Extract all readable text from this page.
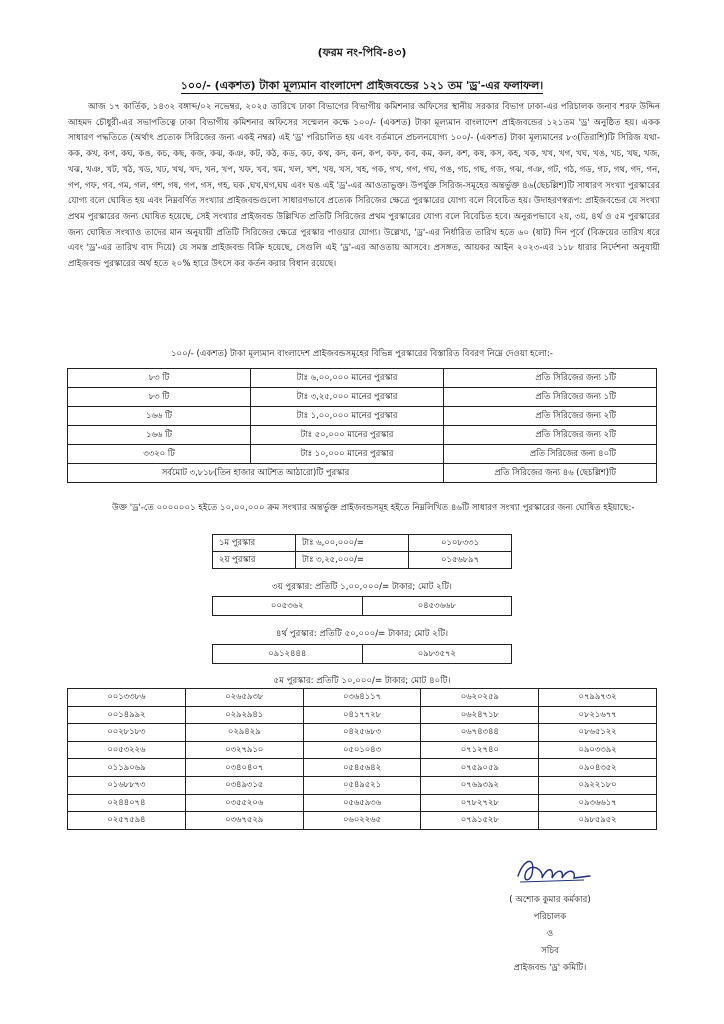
(ফরম নং-পিবি-৪৩)
১০০/- (একশত) টাকা মূল্যমান বাংলাদেশ প্রাইজবন্ডের ১২১ তম 'ড্র'-এর ফলাফল।

আজ ১৭ কার্তিক, ১৪৩২ বঙ্গাব্দ/০২ নভেম্বর, ২০২৫ তারিখে ঢাকা বিভাগের বিভাগীয় কমিশনার অফিসের স্থানীয় সরকার বিভাগ ঢাকা-এর পরিচালক জনাব শরফ উদ্দিন আহমদ চৌধুরী-এর সভাপতিত্বে ঢাকা বিভাগীয় কমিশনার অফিসের সম্মেলন কক্ষে ১০০/- (একশত) টাকা মূল্যমান বাংলাদেশ প্রাইজবন্ডের ১২১তম 'ড্র' অনুষ্ঠিত হয়। একক সাধারণ পদ্ধতিতে (অর্থাৎ প্রত্যেক সিরিজের জন্য একই নম্বর) এই 'ড্র' পরিচালিত হয় এবং বর্তমানে প্রচলনযোগ্য ১০০/- (একশত) টাকা মূল্যমানের ৮৩(তিরাশি)টি সিরিজ যথা- কক, কখ, কগ, কঘ, কঙ, কচ, কছ, কজ, কঝ, কঞ, কট, কঠ, কড, কঢ, কথ, কদ, কন, কপ, কফ, কব, কম, কল, কশ, কষ, কস, কহ, খক, খখ, খগ, খঘ, খঙ, খচ, খছ, খজ, খঝ, খঞ, খট, খঠ, খড, খঢ, খথ, খদ, খন, খপ, খফ, খব, খম, খল, খশ, খষ, খস, খহ, গক, গখ, গগ, গঘ, গঙ, গচ, গছ, গজ, গঝ, গঞ, গট, গঠ, গড, গঢ, গথ, গদ, গন, গপ, গফ, গব, গম, গল, গশ, গষ, গপ, গস, গহ, ঘক ,ঘখ,ঘগ,ঘঘ এবং ঘঙ এই 'ড্র'-এর আওতাভুক্ত। উপর্যুক্ত সিরিজ-সমূহের অন্তর্ভুক্ত ৪৬(ছেচল্লিশ)টি সাধারণ সংখ্যা পুরস্কারের যোগ্য বলে ঘোষিত হয় এবং নিম্নবর্ণিত সংখ্যার প্রাইজবন্ডগুলো সাধারণভাবে প্রত্যেক সিরিজের ক্ষেত্রে পুরস্কারের যোগ্য বলে বিবেচিত হয়। উদাহরণস্বরূপ: প্রাইজবন্ডের যে সংখ্যা প্রথম পুরস্কারের জন্য ঘোষিত হয়েছে, সেই সংখ্যার প্রাইজবন্ড উল্লিখিত প্রতিটি সিরিজের প্রথম পুরস্কারের যোগ্য বলে বিবেচিত হবে। অনুরূপভাবে ২য়, ৩য়, ৪র্থ ও ৫ম পুরস্কারের জন্য ঘোষিত সংখ্যাও তাদের মান অনুযায়ী প্রতিটি সিরিজের ক্ষেত্রে পুরস্কার পাওয়ার যোগ্য। উল্লেখ্য, 'ড্র'-এর নির্ধারিত তারিখ হতে ৬০ (ষাট) দিন পূর্বে (বিক্রয়ের তারিখ ধরে এবং 'ড্র'-এর তারিখ বাদ দিয়ে) যে সমস্ত প্রাইজবন্ড বিক্রি হয়েছে, সেগুলি এই 'ড্র'-এর আওতায় আসবে। প্রসঙ্গত, আয়কর আইন ২০২৩-এর ১১৮ ধারার নির্দেশনা অনুযায়ী প্রাইজবন্ড পুরস্কারের অর্থ হতে ২০% হারে উৎসে কর কর্তন করার বিধান রয়েছে।

১০০/- (একশত) টাকা মূল্যমান বাংলাদেশ প্রাইজবন্ডসমূহের বিভিন্ন পুরস্কারের বিস্তারিত বিবরণ নিম্নে দেওয়া হলো:-
৮৩ টি	টাঃ ৬,০০,০০০ মানের পুরস্কার	প্রতি সিরিজের জন্য ১টি
৮৩ টি	টাঃ ৩,২৫,০০০ মানের পুরস্কার	প্রতি সিরিজের জন্য ১টি
১৬৬ টি	টাঃ ১,০০,০০০ মানের পুরস্কার	প্রতি সিরিজের জন্য ২টি
১৬৬ টি	টাঃ ৫০,০০০ মানের পুরস্কার	প্রতি সিরিজের জন্য ২টি
৩৩২০ টি	টাঃ ১০,০০০ মানের পুরস্কার	প্রতি সিরিজের জন্য ৪০টি
সর্বমোট ৩,৮১৮(তিন হাজার আটশত আঠারো)টি পুরস্কার		প্রতি সিরিজের জন্য ৪৬ (ছেচল্লিশ)টি

উক্ত 'ড্র'-তে ০০০০০০১ হইতে ১০,০০,০০০ ক্রম সংখ্যার অন্তর্ভুক্ত প্রাইজবন্ডসমূহ হইতে নিম্নলিখিত ৪৬টি সাধারণ সংখ্যা পুরস্কারের জন্য ঘোষিত হইয়াছে:-

১ম পুরস্কার	টাঃ ৬,০০,০০০/=	০১০৮৩৩১
২য় পুরস্কার	টাঃ ৩,২৫,০০০/=	০১৫৬৮৯৭
৩য় পুরস্কার: প্রতিটি ১,০০,০০০/= টাকার; মোট ২টি।
০০৫৩৬২	০৪৫৩৬৬৮
৪র্থ পুরস্কার: প্রতিটি ৫০,০০০/= টাকার; মোট ২টি।
০৯১২৪৪৪	০৯৮৩৫৭২
৫ম পুরস্কার: প্রতিটি ১০,০০০/= টাকার; মোট ৪০টি।
০০১৩৩৮৬	০২৬৫৯৩৮	০৩৬৪১১৭	০৬২০২৫৯	০৭৯৯৭৩২
০০১৪৯৯২	০২৯২৯৪১	০৪১৭৭২৮	০৬২৪৭১৮	০৮২১৬৭৭
০০২৮১৮৩	০২৯৪২৯	০৪২৫৬৮৩	০৬৭৪৩৪৪	০৮৬৫১২২
০০৫৩২২৬	০৩২৭৯১০	০৫০১০৪৩	০৭১২৭৪০	০৯০৩৩৯২
০১১৯০৬৯	০৩৪০৪০৭	০৫৪৫৬৪২	০৭৫৯০৫৯	০৯০৪৩৫২
০১৬৮৮৭৩	০৩৪৯৩১৫	০৫৪৯৫২১	০৭৬৯৩৯২	০৯২২১৮০
০২৪৪০৭৪	০৩৫৫২০৬	০৫৬৫৯৩৬	০৭৮২৭২৮	০৯৩৬৬১৭
০২৫৭৫৯৪	০৩৬৭৫২৯	০৬০২২৬৫	০৭৯১৫২৮	০৯৮৫৯৫২
( অশোক কুমার কর্মকার)
পরিচালক
ও
সচিব
প্রাইজবন্ড 'ড্র' কমিটি।
